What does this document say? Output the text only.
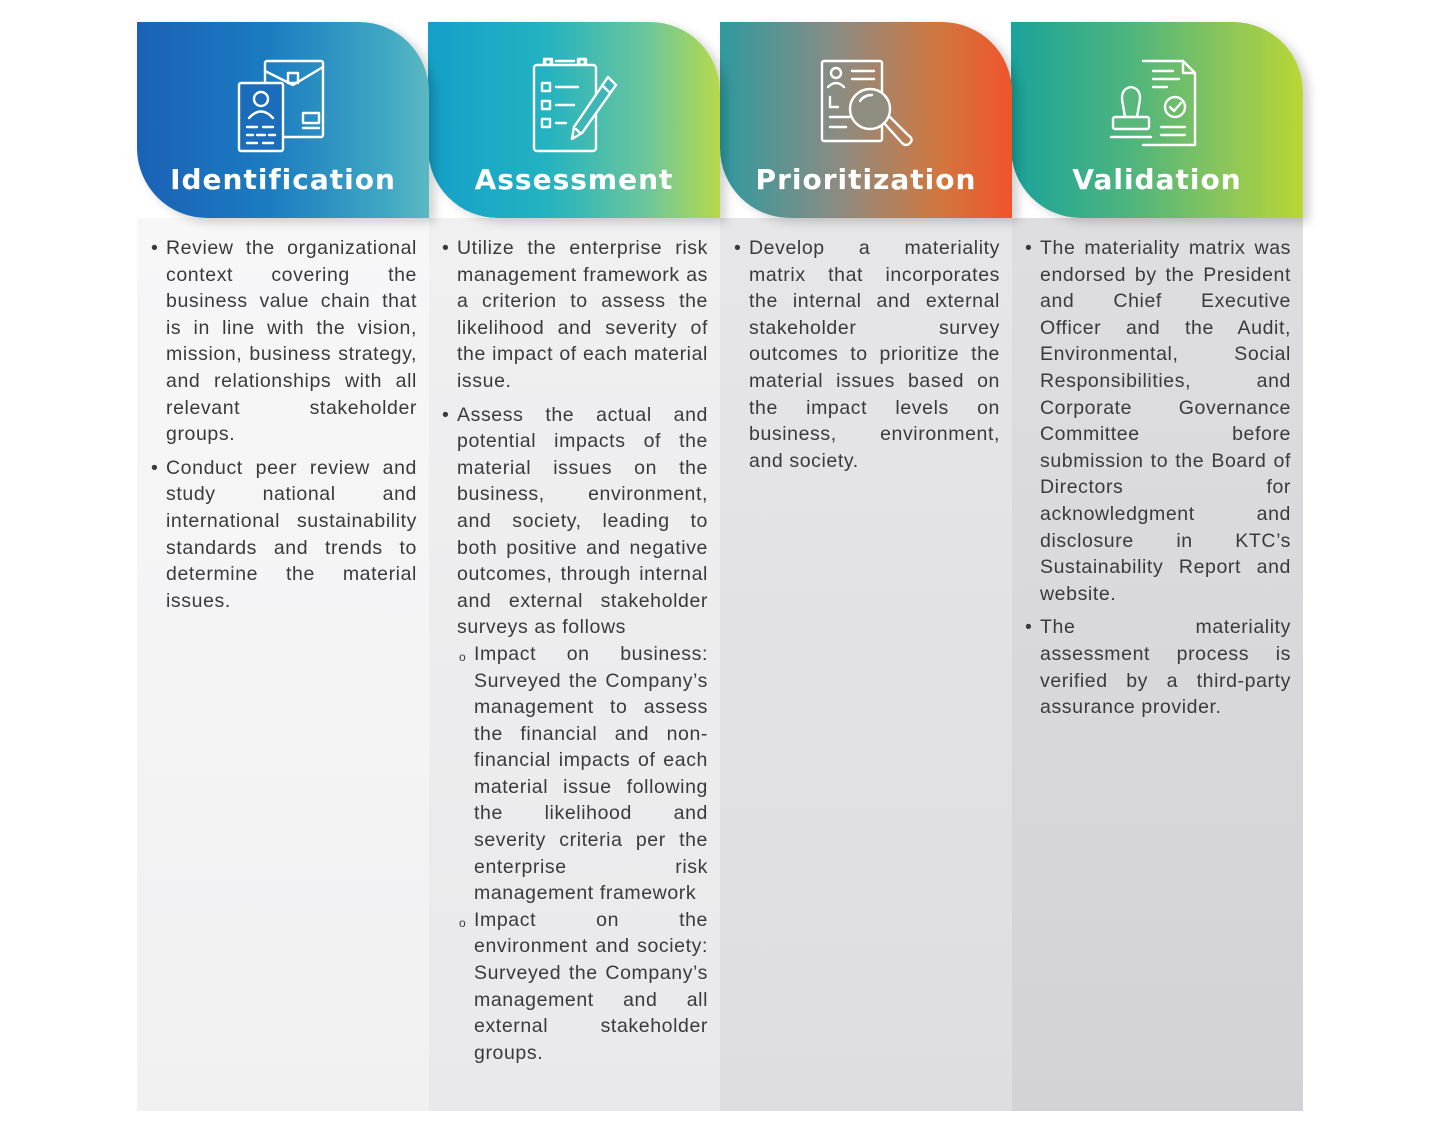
Identification
• Review the organizational context covering the business value chain that is in line with the vision, mission, business strategy, and relationships with all relevant stakeholder groups.
• Conduct peer review and study national and international sustainability standards and trends to determine the material issues.
Assessment
• Utilize the enterprise risk management framework as a criterion to assess the likelihood and severity of the impact of each material issue.
• Assess the actual and potential impacts of the material issues on the business, environment, and society, leading to both positive and negative outcomes, through internal and external stakeholder surveys as follows
o Impact on business: Surveyed the Company’s management to assess the financial and non-financial impacts of each material issue following the likelihood and severity criteria per the enterprise risk management framework
o Impact on the environment and society: Surveyed the Company’s management and all external stakeholder groups.
Prioritization
• Develop a materiality matrix that incorporates the internal and external stakeholder survey outcomes to prioritize the material issues based on the impact levels on business, environment, and society.
Validation
• The materiality matrix was endorsed by the President and Chief Executive Officer and the Audit, Environmental, Social Responsibilities, and Corporate Governance Committee before submission to the Board of Directors for acknowledgment and disclosure in KTC’s Sustainability Report and website.
• The materiality assessment process is verified by a third-party assurance provider.
